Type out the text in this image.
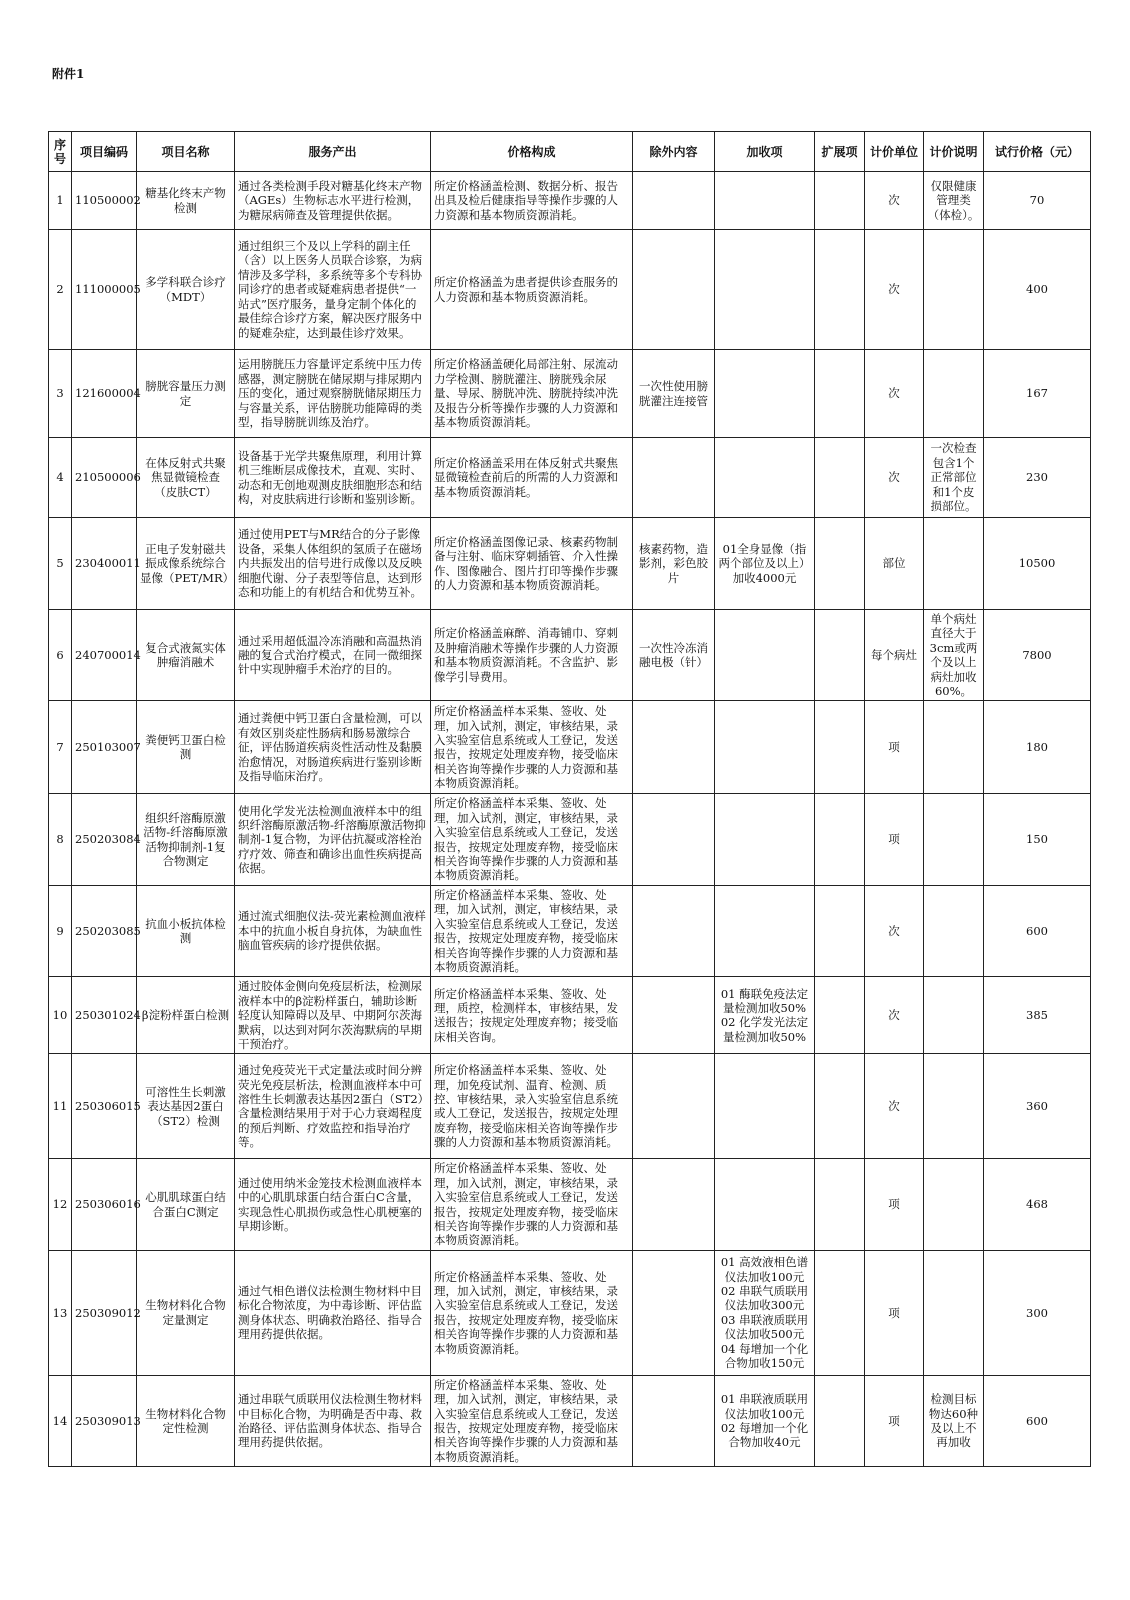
附件1
序号	项目编码	项目名称	服务产出	价格构成	除外内容	加收项	扩展项	计价单位	计价说明	试行价格（元）

1	110500002	糖基化终末产物检测	通过各类检测手段对糖基化终末产物（AGEs）生物标志水平进行检测，为糖尿病筛查及管理提供依据。	所定价格涵盖检测、数据分析、报告出具及检后健康指导等操作步骤的人力资源和基本物质资源消耗。				次	仅限健康管理类（体检）。	70

2	111000005	多学科联合诊疗（MDT）	通过组织三个及以上学科的副主任（含）以上医务人员联合诊察，为病情涉及多学科，多系统等多个专科协同诊疗的患者或疑难病患者提供“一站式”医疗服务，量身定制个体化的最佳综合诊疗方案，解决医疗服务中的疑难杂症，达到最佳诊疗效果。	所定价格涵盖为患者提供诊查服务的人力资源和基本物质资源消耗。				次		400

3	121600004	膀胱容量压力测定	运用膀胱压力容量评定系统中压力传感器，测定膀胱在储尿期与排尿期内压的变化，通过观察膀胱储尿期压力与容量关系，评估膀胱功能障碍的类型，指导膀胱训练及治疗。	所定价格涵盖硬化局部注射、尿流动力学检测、膀胱灌注、膀胱残余尿量、导尿、膀胱冲洗、膀胱持续冲洗及报告分析等操作步骤的人力资源和基本物质资源消耗。	一次性使用膀胱灌注连接管			次		167

4	210500006	在体反射式共聚焦显微镜检查（皮肤CT）	设备基于光学共聚焦原理，利用计算机三维断层成像技术，直观、实时、动态和无创地观测皮肤细胞形态和结构，对皮肤病进行诊断和鉴别诊断。	所定价格涵盖采用在体反射式共聚焦显微镜检查前后的所需的人力资源和基本物质资源消耗。				次	一次检查包含1个正常部位和1个皮损部位。	230

5	230400011	正电子发射磁共振成像系统综合显像（PET/MR）	通过使用PET与MR结合的分子影像设备，采集人体组织的氢质子在磁场内共振发出的信号进行成像以及反映细胞代谢、分子表型等信息，达到形态和功能上的有机结合和优势互补。	所定价格涵盖图像记录、核素药物制备与注射、临床穿刺插管、介入性操作、图像融合、图片打印等操作步骤的人力资源和基本物质资源消耗。	核素药物，造影剂，彩色胶片	01全身显像（指两个部位及以上）加收4000元		部位		10500

6	240700014	复合式液氮实体肿瘤消融术	通过采用超低温冷冻消融和高温热消融的复合式治疗模式，在同一微细探针中实现肿瘤手术治疗的目的。	所定价格涵盖麻醉、消毒铺巾、穿刺及肿瘤消融术等操作步骤的人力资源和基本物质资源消耗。不含监护、影像学引导费用。	一次性冷冻消融电极（针）			每个病灶	单个病灶直径大于3cm或两个及以上病灶加收60%。	7800

7	250103007	粪便钙卫蛋白检测	通过粪便中钙卫蛋白含量检测，可以有效区别炎症性肠病和肠易激综合征，评估肠道疾病炎性活动性及黏膜治愈情况，对肠道疾病进行鉴别诊断及指导临床治疗。	所定价格涵盖样本采集、签收、处理，加入试剂，测定，审核结果，录入实验室信息系统或人工登记，发送报告，按规定处理废弃物，接受临床相关咨询等操作步骤的人力资源和基本物质资源消耗。				项		180

8	250203084	组织纤溶酶原激活物-纤溶酶原激活物抑制剂-1复合物测定	使用化学发光法检测血液样本中的组织纤溶酶原激活物-纤溶酶原激活物抑制剂-1复合物，为评估抗凝或溶栓治疗疗效、筛查和确诊出血性疾病提高依据。	所定价格涵盖样本采集、签收、处理，加入试剂，测定，审核结果，录入实验室信息系统或人工登记，发送报告，按规定处理废弃物，接受临床相关咨询等操作步骤的人力资源和基本物质资源消耗。				项		150

9	250203085	抗血小板抗体检测	通过流式细胞仪法-荧光素检测血液样本中的抗血小板自身抗体，为缺血性脑血管疾病的诊疗提供依据。	所定价格涵盖样本采集、签收、处理，加入试剂，测定，审核结果，录入实验室信息系统或人工登记，发送报告，按规定处理废弃物，接受临床相关咨询等操作步骤的人力资源和基本物质资源消耗。				次		600

10	250301024	β淀粉样蛋白检测	通过胶体金侧向免疫层析法，检测尿液样本中的β淀粉样蛋白，辅助诊断轻度认知障碍以及早、中期阿尔茨海默病，以达到对阿尔茨海默病的早期干预治疗。	所定价格涵盖样本采集、签收、处理，质控，检测样本，审核结果，发送报告；按规定处理废弃物；接受临床相关咨询。		01 酶联免疫法定量检测加收50%
02 化学发光法定量检测加收50%		次		385

11	250306015	可溶性生长刺激表达基因2蛋白（ST2）检测	通过免疫荧光干式定量法或时间分辨荧光免疫层析法，检测血液样本中可溶性生长刺激表达基因2蛋白（ST2）含量检测结果用于对于心力衰竭程度的预后判断、疗效监控和指导治疗等。	所定价格涵盖样本采集、签收、处理，加免疫试剂、温育、检测、质控、审核结果，录入实验室信息系统或人工登记，发送报告，按规定处理废弃物，接受临床相关咨询等操作步骤的人力资源和基本物质资源消耗。				次		360

12	250306016	心肌肌球蛋白结合蛋白C测定	通过使用纳米金笼技术检测血液样本中的心肌肌球蛋白结合蛋白C含量，实现急性心肌损伤或急性心肌梗塞的早期诊断。	所定价格涵盖样本采集、签收、处理，加入试剂，测定，审核结果，录入实验室信息系统或人工登记，发送报告，按规定处理废弃物，接受临床相关咨询等操作步骤的人力资源和基本物质资源消耗。				项		468

13	250309012	生物材料化合物定量测定	通过气相色谱仪法检测生物材料中目标化合物浓度，为中毒诊断、评估监测身体状态、明确救治路径、指导合理用药提供依据。	所定价格涵盖样本采集、签收、处理，加入试剂，测定，审核结果，录入实验室信息系统或人工登记，发送报告，按规定处理废弃物，接受临床相关咨询等操作步骤的人力资源和基本物质资源消耗。		01 高效液相色谱仪法加收100元
02 串联气质联用仪法加收300元
03 串联液质联用仪法加收500元
04 每增加一个化合物加收150元		项		300

14	250309013	生物材料化合物定性检测	通过串联气质联用仪法检测生物材料中目标化合物，为明确是否中毒、救治路径、评估监测身体状态、指导合理用药提供依据。	所定价格涵盖样本采集、签收、处理，加入试剂，测定，审核结果，录入实验室信息系统或人工登记，发送报告，按规定处理废弃物，接受临床相关咨询等操作步骤的人力资源和基本物质资源消耗。		01 串联液质联用仪法加收100元
02 每增加一个化合物加收40元		项	检测目标物达60种及以上不再加收	600
